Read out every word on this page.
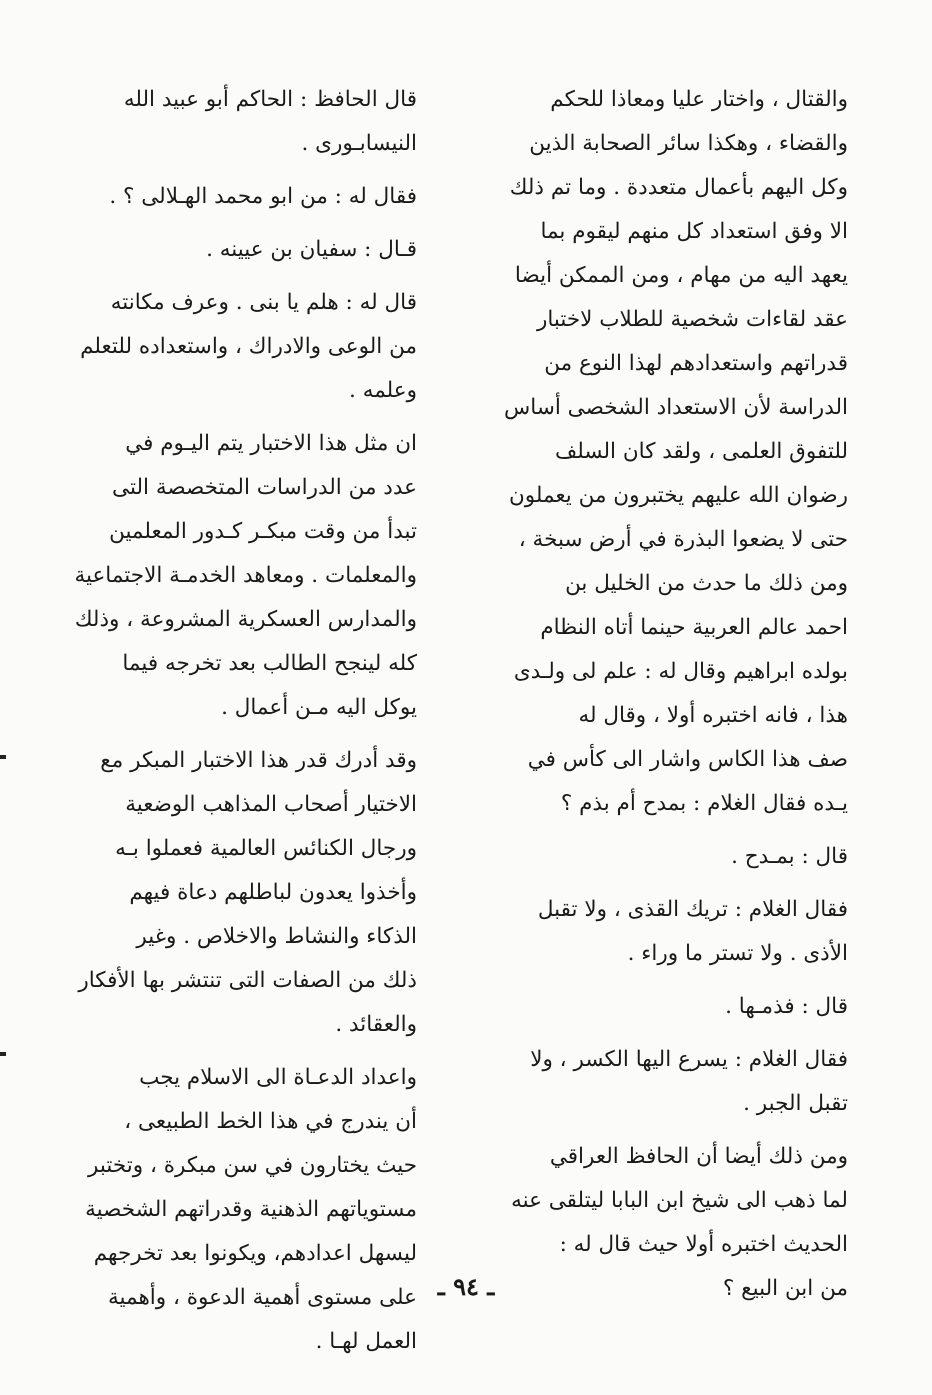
والقتال ، واختار عليا ومعاذا للحكم
والقضاء ، وهكذا سائر الصحابة الذين
وكل اليهم بأعمال متعددة . وما تم ذلك
الا وفق استعداد كل منهم ليقوم بما
يعهد اليه من مهام ، ومن الممكن أيضا
عقد لقاءات شخصية للطلاب لاختبار
قدراتهم واستعدادهم لهذا النوع من
الدراسة لأن الاستعداد الشخصى أساس
للتفوق العلمى ، ولقد كان السلف
رضوان الله عليهم يختبرون من يعملون
حتى لا يضعوا البذرة في أرض سبخة ،
ومن ذلك ما حدث من الخليل بن
احمد عالم العربية حينما أتاه النظام
بولده ابراهيم وقال له : علم لى ولـدى
هذا ، فانه اختبره أولا ، وقال له
صف هذا الكاس واشار الى كأس في
يـده فقال الغلام : بمدح أم بذم ؟
قال : بمـدح .
فقال الغلام : تريك القذى ، ولا تقبل
الأذى . ولا تستر ما وراء .
قال : فذمـها .
فقال الغلام : يسرع اليها الكسر ، ولا
تقبل الجبر .
ومن ذلك أيضا أن الحافظ العراقي
لما ذهب الى شيخ ابن البابا ليتلقى عنه
الحديث اختبره أولا حيث قال له :
من ابن البيع ؟
قال الحافظ : الحاكم أبو عبيد الله
النيسابـورى .
فقال له : من ابو محمد الهـلالى ؟ .
قـال : سفيان بن عيينه .
قال له : هلم يا بنى . وعرف مكانته
من الوعى والادراك ، واستعداده للتعلم
وعلمه .
ان مثل هذا الاختبار يتم اليـوم في
عدد من الدراسات المتخصصة التى
تبدأ من وقت مبكـر كـدور المعلمين
والمعلمات . ومعاهد الخدمـة الاجتماعية
والمدارس العسكرية المشروعة ، وذلك
كله لينجح الطالب بعد تخرجه فيما
يوكل اليه مـن أعمال .
وقد أدرك قدر هذا الاختبار المبكر مع
الاختيار أصحاب المذاهب الوضعية
ورجال الكنائس العالمية فعملوا بـه
وأخذوا يعدون لباطلهم دعاة فيهم
الذكاء والنشاط والاخلاص . وغير
ذلك من الصفات التى تنتشر بها الأفكار
والعقائد .
واعداد الدعـاة الى الاسلام يجب
أن يندرج في هذا الخط الطبيعى ،
حيث يختارون في سن مبكرة ، وتختبر
مستوياتهم الذهنية وقدراتهم الشخصية
ليسهل اعدادهم، ويكونوا بعد تخرجهم
على مستوى أهمية الدعوة ، وأهمية
العمل لهـا .
ـ ٩٤ ـ
